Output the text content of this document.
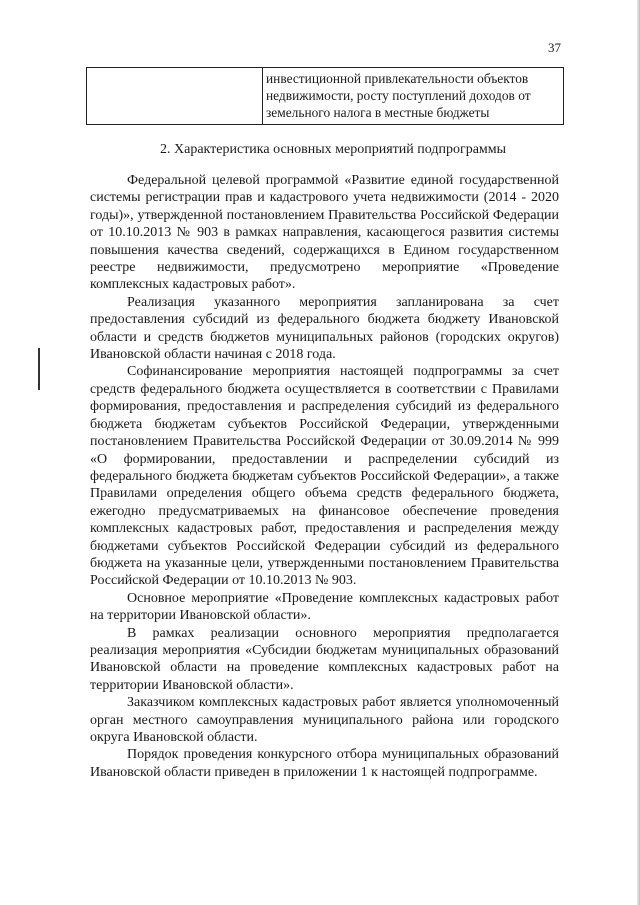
37
инвестиционной привлекательности объектов
недвижимости, росту поступлений доходов от
земельного налога в местные бюджеты
2. Характеристика основных мероприятий подпрограммы

Федеральной целевой программой «Развитие единой государственной системы регистрации прав и кадастрового учета недвижимости (2014 - 2020 годы)», утвержденной постановлением Правительства Российской Федерации от 10.10.2013 № 903 в рамках направления, касающегося развития системы повышения качества сведений, содержащихся в Едином государственном реестре недвижимости, предусмотрено мероприятие «Проведение комплексных кадастровых работ».

Реализация указанного мероприятия запланирована за счет предоставления субсидий из федерального бюджета бюджету Ивановской области и средств бюджетов муниципальных районов (городских округов) Ивановской области начиная с 2018 года.

Софинансирование мероприятия настоящей подпрограммы за счет средств федерального бюджета осуществляется в соответствии с Правилами формирования, предоставления и распределения субсидий из федерального бюджета бюджетам субъектов Российской Федерации, утвержденными постановлением Правительства Российской Федерации от 30.09.2014 № 999 «О формировании, предоставлении и распределении субсидий из федерального бюджета бюджетам субъектов Российской Федерации», а также Правилами определения общего объема средств федерального бюджета, ежегодно предусматриваемых на финансовое обеспечение проведения комплексных кадастровых работ, предоставления и распределения между бюджетами субъектов Российской Федерации субсидий из федерального бюджета на указанные цели, утвержденными постановлением Правительства Российской Федерации от 10.10.2013 № 903.

Основное мероприятие «Проведение комплексных кадастровых работ на территории Ивановской области».

В рамках реализации основного мероприятия предполагается реализация мероприятия «Субсидии бюджетам муниципальных образований Ивановской области на проведение комплексных кадастровых работ на территории Ивановской области».

Заказчиком комплексных кадастровых работ является уполномоченный орган местного самоуправления муниципального района или городского округа Ивановской области.

Порядок проведения конкурсного отбора муниципальных образований Ивановской области приведен в приложении 1 к настоящей подпрограмме.
